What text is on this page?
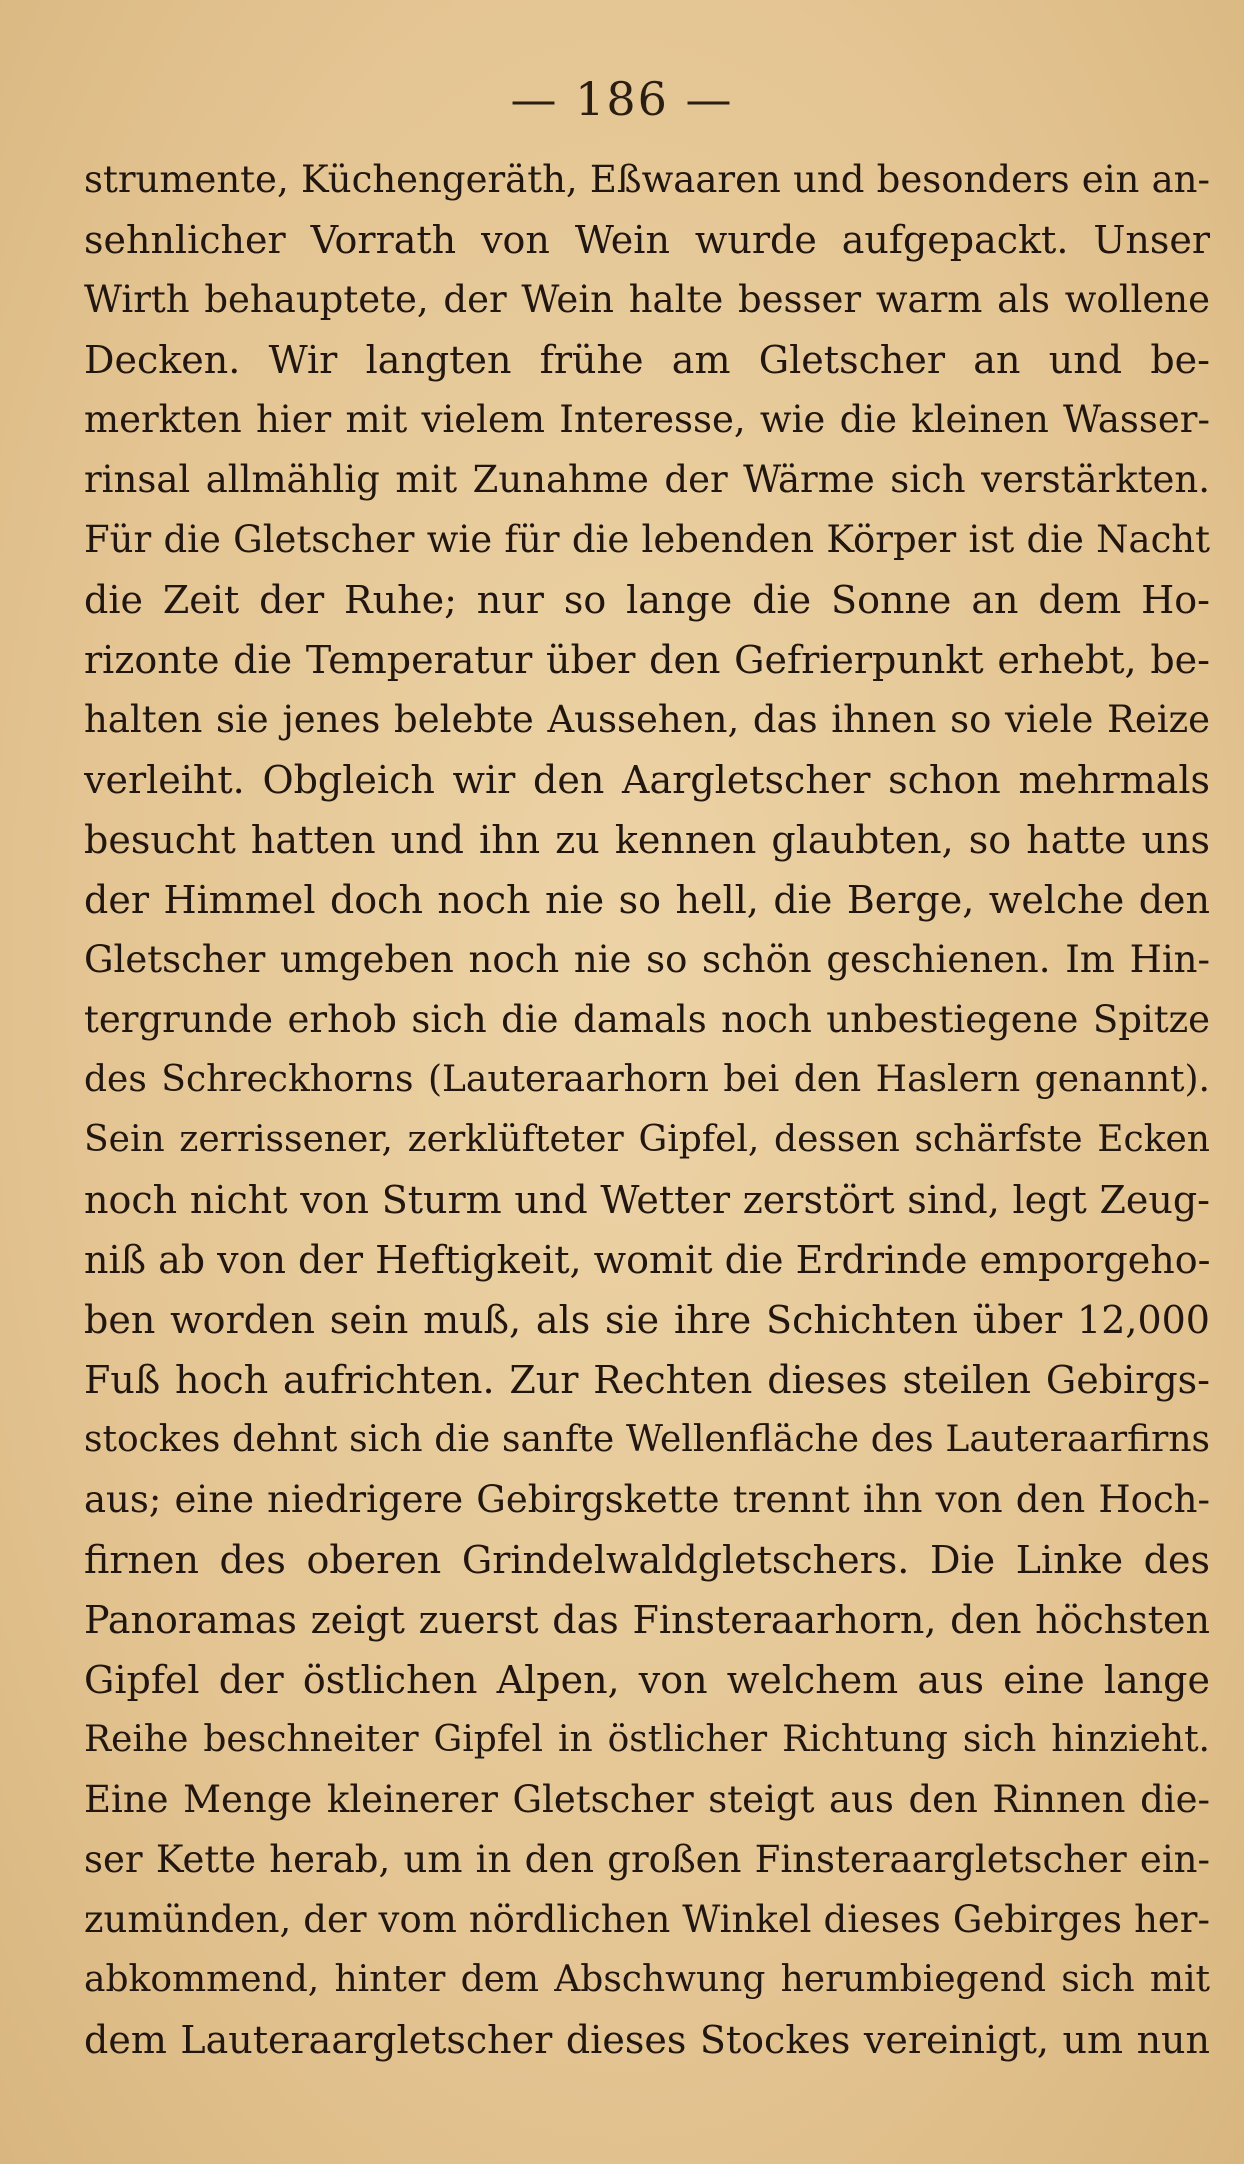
— 186 —
strumente, Küchengeräth, Eßwaaren und besonders ein an-
sehnlicher Vorrath von Wein wurde aufgepackt. Unser
Wirth behauptete, der Wein halte besser warm als wollene
Decken. Wir langten frühe am Gletscher an und be-
merkten hier mit vielem Interesse, wie die kleinen Wasser-
rinsal allmählig mit Zunahme der Wärme sich verstärkten.
Für die Gletscher wie für die lebenden Körper ist die Nacht
die Zeit der Ruhe; nur so lange die Sonne an dem Ho-
rizonte die Temperatur über den Gefrierpunkt erhebt, be-
halten sie jenes belebte Aussehen, das ihnen so viele Reize
verleiht. Obgleich wir den Aargletscher schon mehrmals
besucht hatten und ihn zu kennen glaubten, so hatte uns
der Himmel doch noch nie so hell, die Berge, welche den
Gletscher umgeben noch nie so schön geschienen. Im Hin-
tergrunde erhob sich die damals noch unbestiegene Spitze
des Schreckhorns (Lauteraarhorn bei den Haslern genannt).
Sein zerrissener, zerklüfteter Gipfel, dessen schärfste Ecken
noch nicht von Sturm und Wetter zerstört sind, legt Zeug-
niß ab von der Heftigkeit, womit die Erdrinde emporgeho-
ben worden sein muß, als sie ihre Schichten über 12,000
Fuß hoch aufrichten. Zur Rechten dieses steilen Gebirgs-
stockes dehnt sich die sanfte Wellenfläche des Lauteraarfirns
aus; eine niedrigere Gebirgskette trennt ihn von den Hoch-
firnen des oberen Grindelwaldgletschers. Die Linke des
Panoramas zeigt zuerst das Finsteraarhorn, den höchsten
Gipfel der östlichen Alpen, von welchem aus eine lange
Reihe beschneiter Gipfel in östlicher Richtung sich hinzieht.
Eine Menge kleinerer Gletscher steigt aus den Rinnen die-
ser Kette herab, um in den großen Finsteraargletscher ein-
zumünden, der vom nördlichen Winkel dieses Gebirges her-
abkommend, hinter dem Abschwung herumbiegend sich mit
dem Lauteraargletscher dieses Stockes vereinigt, um nun
